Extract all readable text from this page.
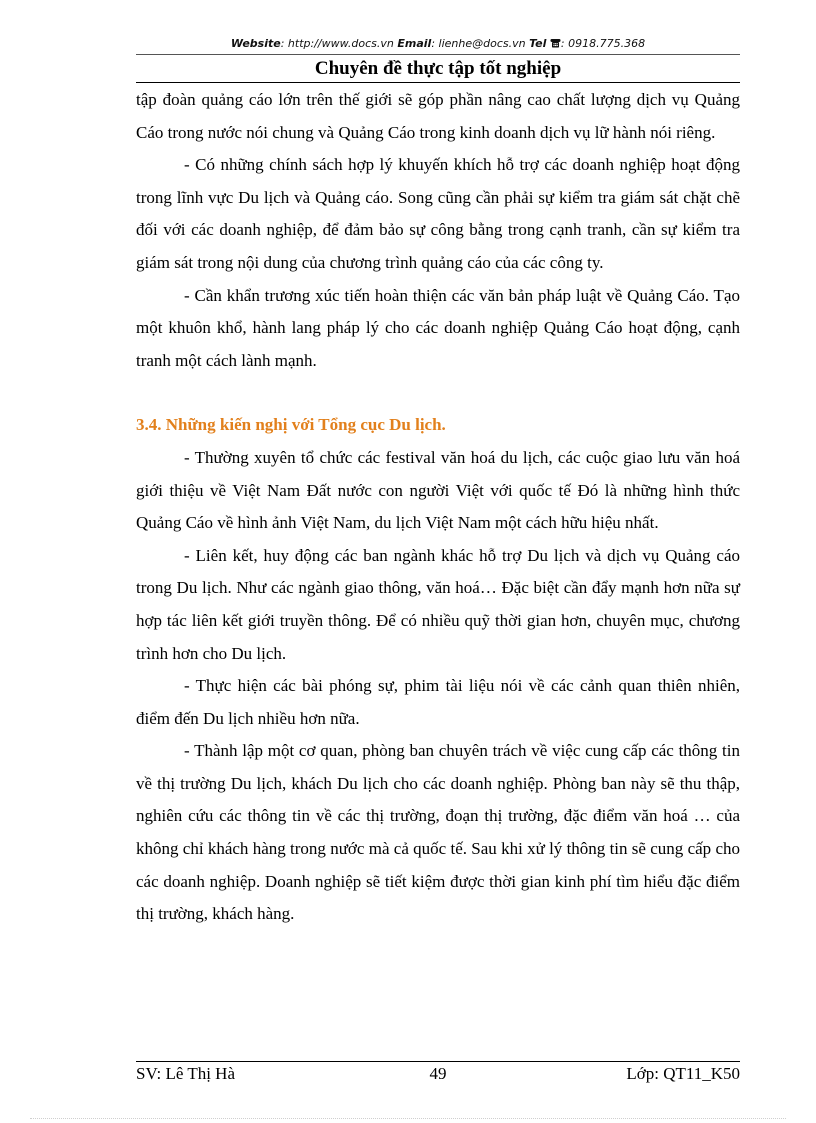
Website: http://www.docs.vn Email: lienhe@docs.vn Tel : 0918.775.368
Chuyên đề thực tập tốt nghiệp

tập đoàn quảng cáo lớn trên thế giới sẽ góp phần nâng cao chất lượng dịch vụ Quảng Cáo trong nước nói chung và Quảng Cáo trong kinh doanh dịch vụ lữ hành nói riêng.

- Có những chính sách hợp lý khuyến khích hỗ trợ các doanh nghiệp hoạt động trong lĩnh vực Du lịch và Quảng cáo. Song cũng cần phải sự kiểm tra giám sát chặt chẽ đối với các doanh nghiệp, để đảm bảo sự công bằng trong cạnh tranh, cần sự kiểm tra giám sát trong nội dung của chương trình quảng cáo của các công ty.

- Cần khẩn trương xúc tiến hoàn thiện các văn bản pháp luật về Quảng Cáo. Tạo một khuôn khổ, hành lang pháp lý cho các doanh nghiệp Quảng Cáo hoạt động, cạnh tranh một cách lành mạnh.

3.4. Những kiến nghị với Tổng cục Du lịch.

- Thường xuyên tổ chức các festival văn hoá du lịch, các cuộc giao lưu văn hoá giới thiệu về Việt Nam Đất nước con người Việt với quốc tế Đó là những hình thức Quảng Cáo về hình ảnh Việt Nam, du lịch Việt Nam một cách hữu hiệu nhất.

- Liên kết, huy động các ban ngành khác hỗ trợ Du lịch và dịch vụ Quảng cáo trong Du lịch. Như các ngành giao thông, văn hoá… Đặc biệt cần đẩy mạnh hơn nữa sự hợp tác liên kết giới truyền thông. Để có nhiều quỹ thời gian hơn, chuyên mục, chương trình hơn cho Du lịch.

- Thực hiện các bài phóng sự, phim tài liệu nói về các cảnh quan thiên nhiên, điểm đến Du lịch nhiều hơn nữa.

- Thành lập một cơ quan, phòng ban chuyên trách về việc cung cấp các thông tin về thị trường Du lịch, khách Du lịch cho các doanh nghiệp. Phòng ban này sẽ thu thập, nghiên cứu các thông tin về các thị trường, đoạn thị trường, đặc điểm văn hoá … của không chỉ khách hàng trong nước mà cả quốc tế. Sau khi xử lý thông tin sẽ cung cấp cho các doanh nghiệp. Doanh nghiệp sẽ tiết kiệm được thời gian kinh phí tìm hiểu đặc điểm thị trường, khách hàng.

SV: Lê Thị Hà	49	Lớp: QT11_K50
